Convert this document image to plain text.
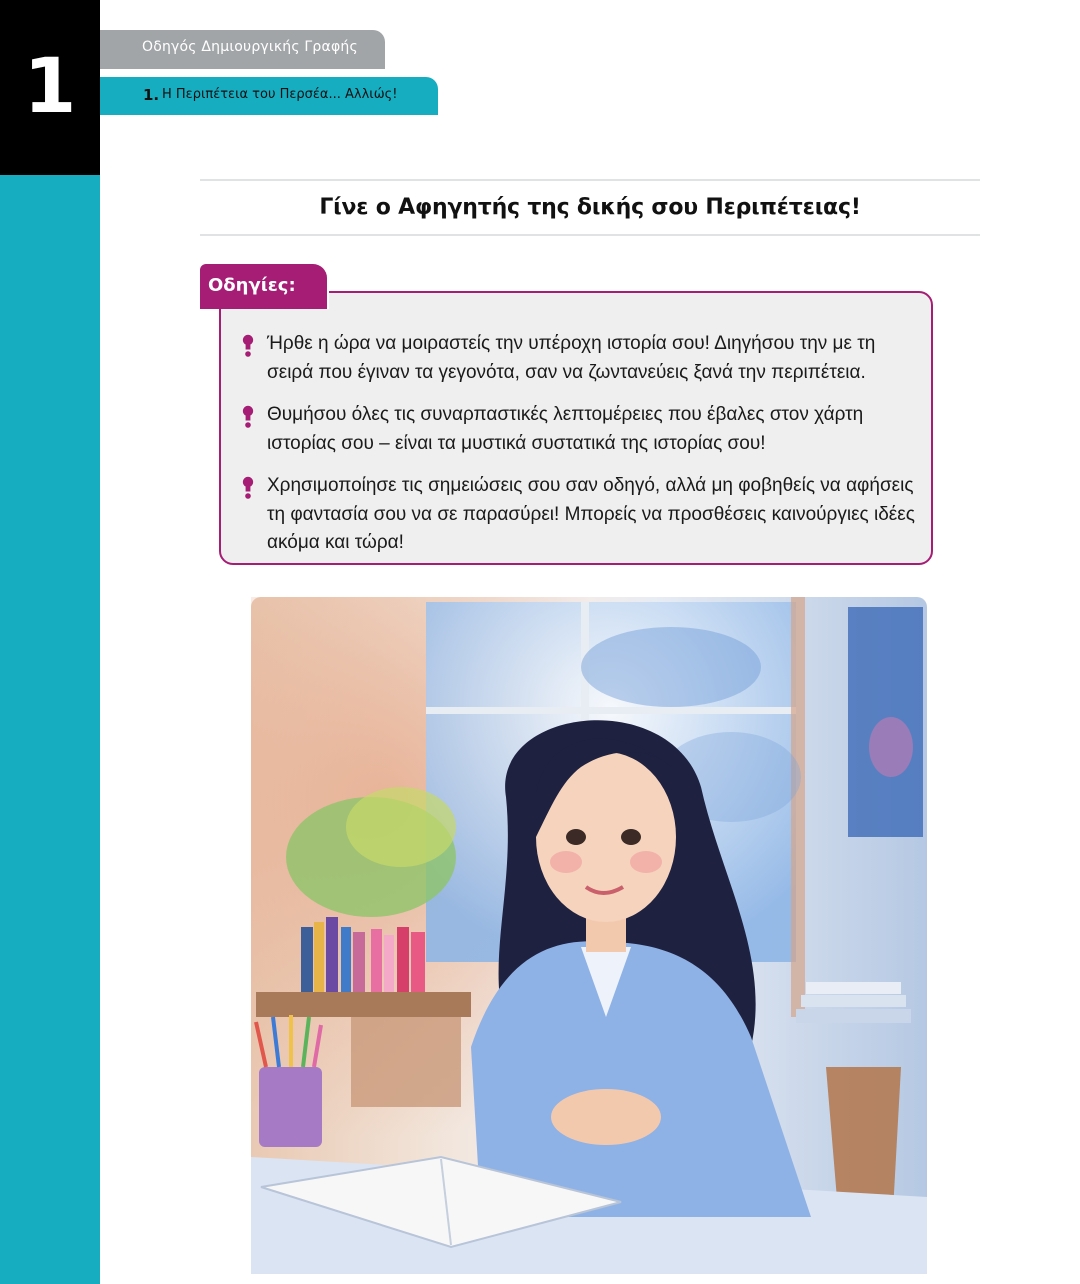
1	Οδηγός Δημιουργικής Γραφής
1. Η Περιπέτεια του Περσέα... Αλλιώς!
Γίνε ο Αφηγητής της δικής σου Περιπέτειας!
Ήρθε η ώρα να μοιραστείς την υπέροχη ιστορία σου! Διηγήσου την με τη σειρά που έγιναν τα γεγονότα, σαν να ζωντανεύεις ξανά την περιπέτεια.
Θυμήσου όλες τις συναρπαστικές λεπτομέρειες που έβαλες στον χάρτη ιστορίας σου – είναι τα μυστικά συστατικά της ιστορίας σου!
Χρησιμοποίησε τις σημειώσεις σου σαν οδηγό, αλλά μη φοβηθείς να αφήσεις τη φαντασία σου να σε παρασύρει! Μπορείς να προσθέσεις καινούργιες ιδέες ακόμα και τώρα!
Οδηγίες:
